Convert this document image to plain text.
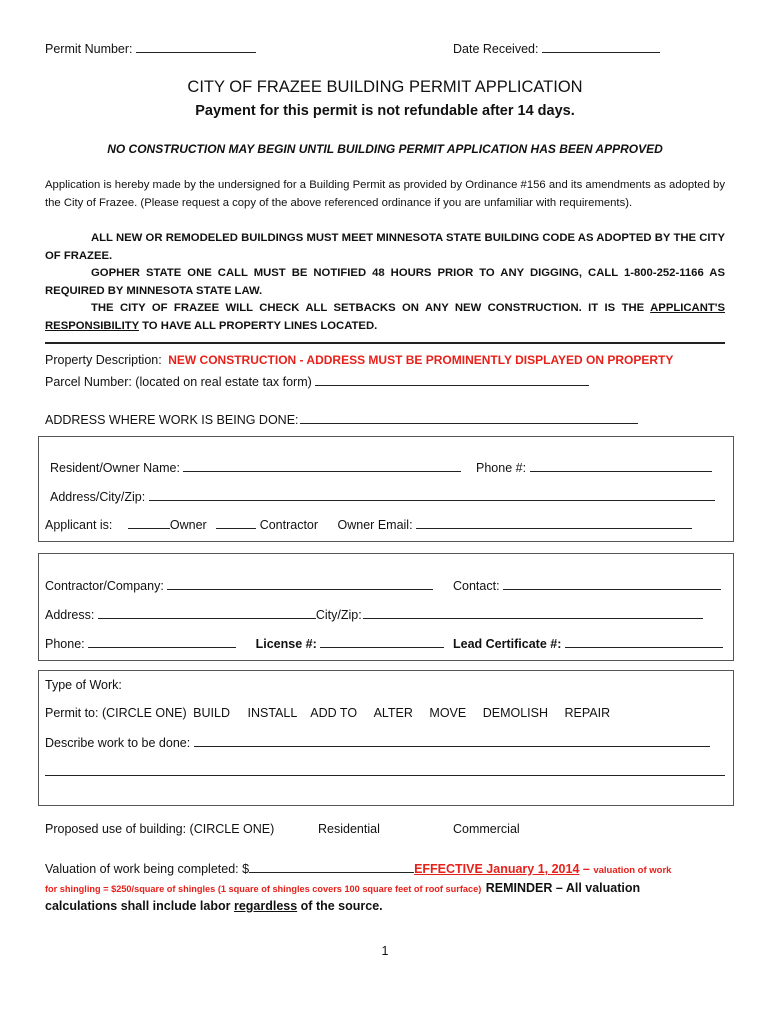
Permit Number:	Date Received:
CITY OF FRAZEE BUILDING PERMIT APPLICATION
Payment for this permit is not refundable after 14 days.
NO CONSTRUCTION MAY BEGIN UNTIL BUILDING PERMIT APPLICATION HAS BEEN APPROVED
Application is hereby made by the undersigned for a Building Permit as provided by Ordinance #156 and its amendments as adopted by the City of Frazee. (Please request a copy of the above referenced ordinance if you are unfamiliar with requirements).
ALL NEW OR REMODELED BUILDINGS MUST MEET MINNESOTA STATE BUILDING CODE AS ADOPTED BY THE CITY OF FRAZEE.
GOPHER STATE ONE CALL MUST BE NOTIFIED 48 HOURS PRIOR TO ANY DIGGING, CALL 1-800-252-1166 AS REQUIRED BY MINNESOTA STATE LAW.
THE CITY OF FRAZEE WILL CHECK ALL SETBACKS ON ANY NEW CONSTRUCTION. IT IS THE APPLICANT'S RESPONSIBILITY TO HAVE ALL PROPERTY LINES LOCATED.
Property Description: NEW CONSTRUCTION - ADDRESS MUST BE PROMINENTLY DISPLAYED ON PROPERTY
Parcel Number: (located on real estate tax form)
ADDRESS WHERE WORK IS BEING DONE:
Resident/Owner Name:	Phone #:
Address/City/Zip:
Applicant is:	Owner	Contractor Owner Email:
Contractor/Company:	Contact:
Address:	City/Zip:
Phone:	License #:	Lead Certificate #:
Type of Work:
Permit to: (CIRCLE ONE) BUILD INSTALL ADD TO ALTER MOVE DEMOLISH REPAIR
Describe work to be done:
Proposed use of building: (CIRCLE ONE)	Residential	Commercial
Valuation of work being completed: $	EFFECTIVE January 1, 2014 – valuation of work
for shingling = $250/square of shingles (1 square of shingles covers 100 square feet of roof surface) REMINDER – All valuation
calculations shall include labor regardless of the source.
1
